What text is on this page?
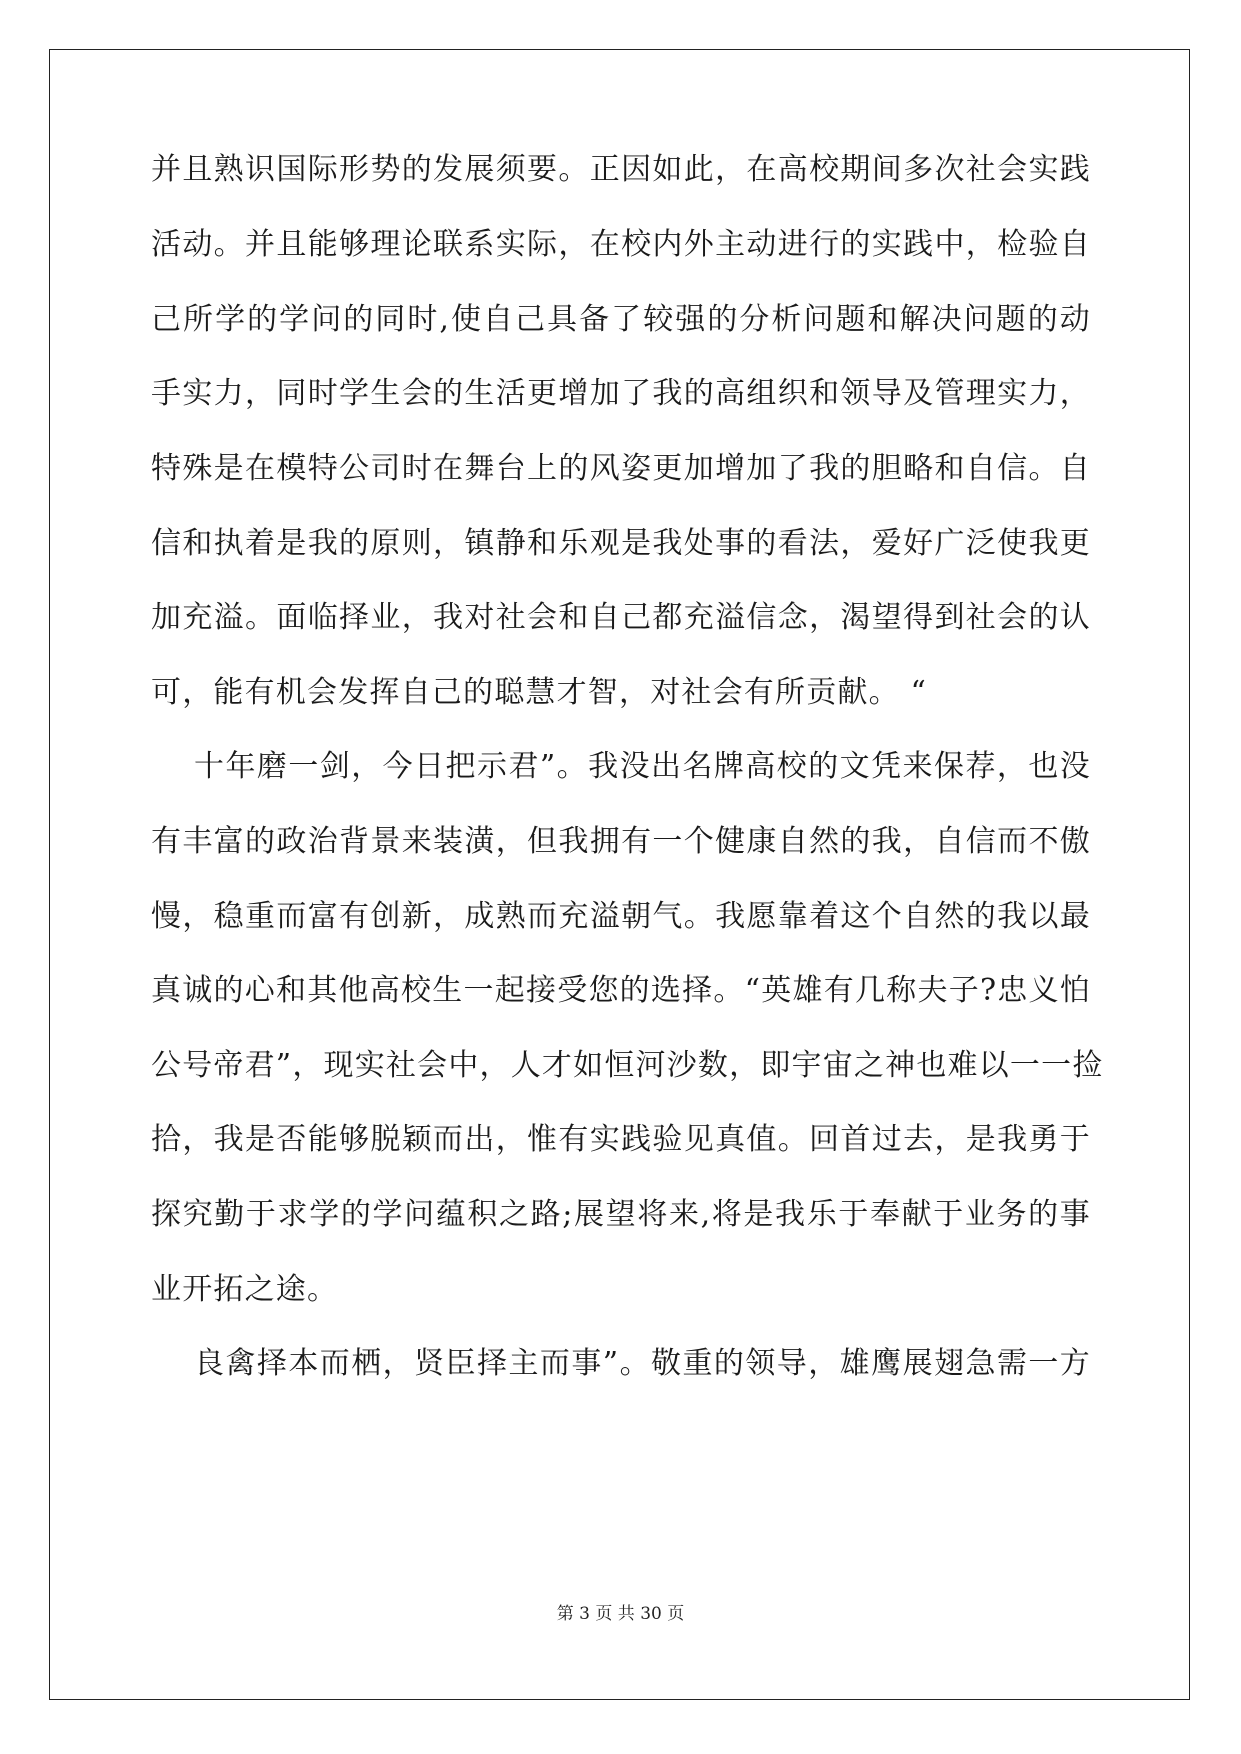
并且熟识国际形势的发展须要。正因如此，在高校期间多次社会实践
活动。并且能够理论联系实际，在校内外主动进行的实践中，检验自
己所学的学问的同时,使自己具备了较强的分析问题和解决问题的动
手实力，同时学生会的生活更增加了我的高组织和领导及管理实力，
特殊是在模特公司时在舞台上的风姿更加增加了我的胆略和自信。自
信和执着是我的原则，镇静和乐观是我处事的看法，爱好广泛使我更
加充溢。面临择业，我对社会和自己都充溢信念，渴望得到社会的认
可，能有机会发挥自己的聪慧才智，对社会有所贡献。 “
十年磨一剑，今日把示君”。我没出名牌高校的文凭来保荐，也没
有丰富的政治背景来装潢，但我拥有一个健康自然的我，自信而不傲
慢，稳重而富有创新，成熟而充溢朝气。我愿靠着这个自然的我以最
真诚的心和其他高校生一起接受您的选择。“英雄有几称夫子?忠义怕
公号帝君”，现实社会中，人才如恒河沙数，即宇宙之神也难以一一捡
拾，我是否能够脱颖而出，惟有实践验见真值。回首过去，是我勇于
探究勤于求学的学问蕴积之路;展望将来,将是我乐于奉献于业务的事
业开拓之途。
良禽择本而栖，贤臣择主而事”。敬重的领导，雄鹰展翅急需一方
第 3 页 共 30 页
